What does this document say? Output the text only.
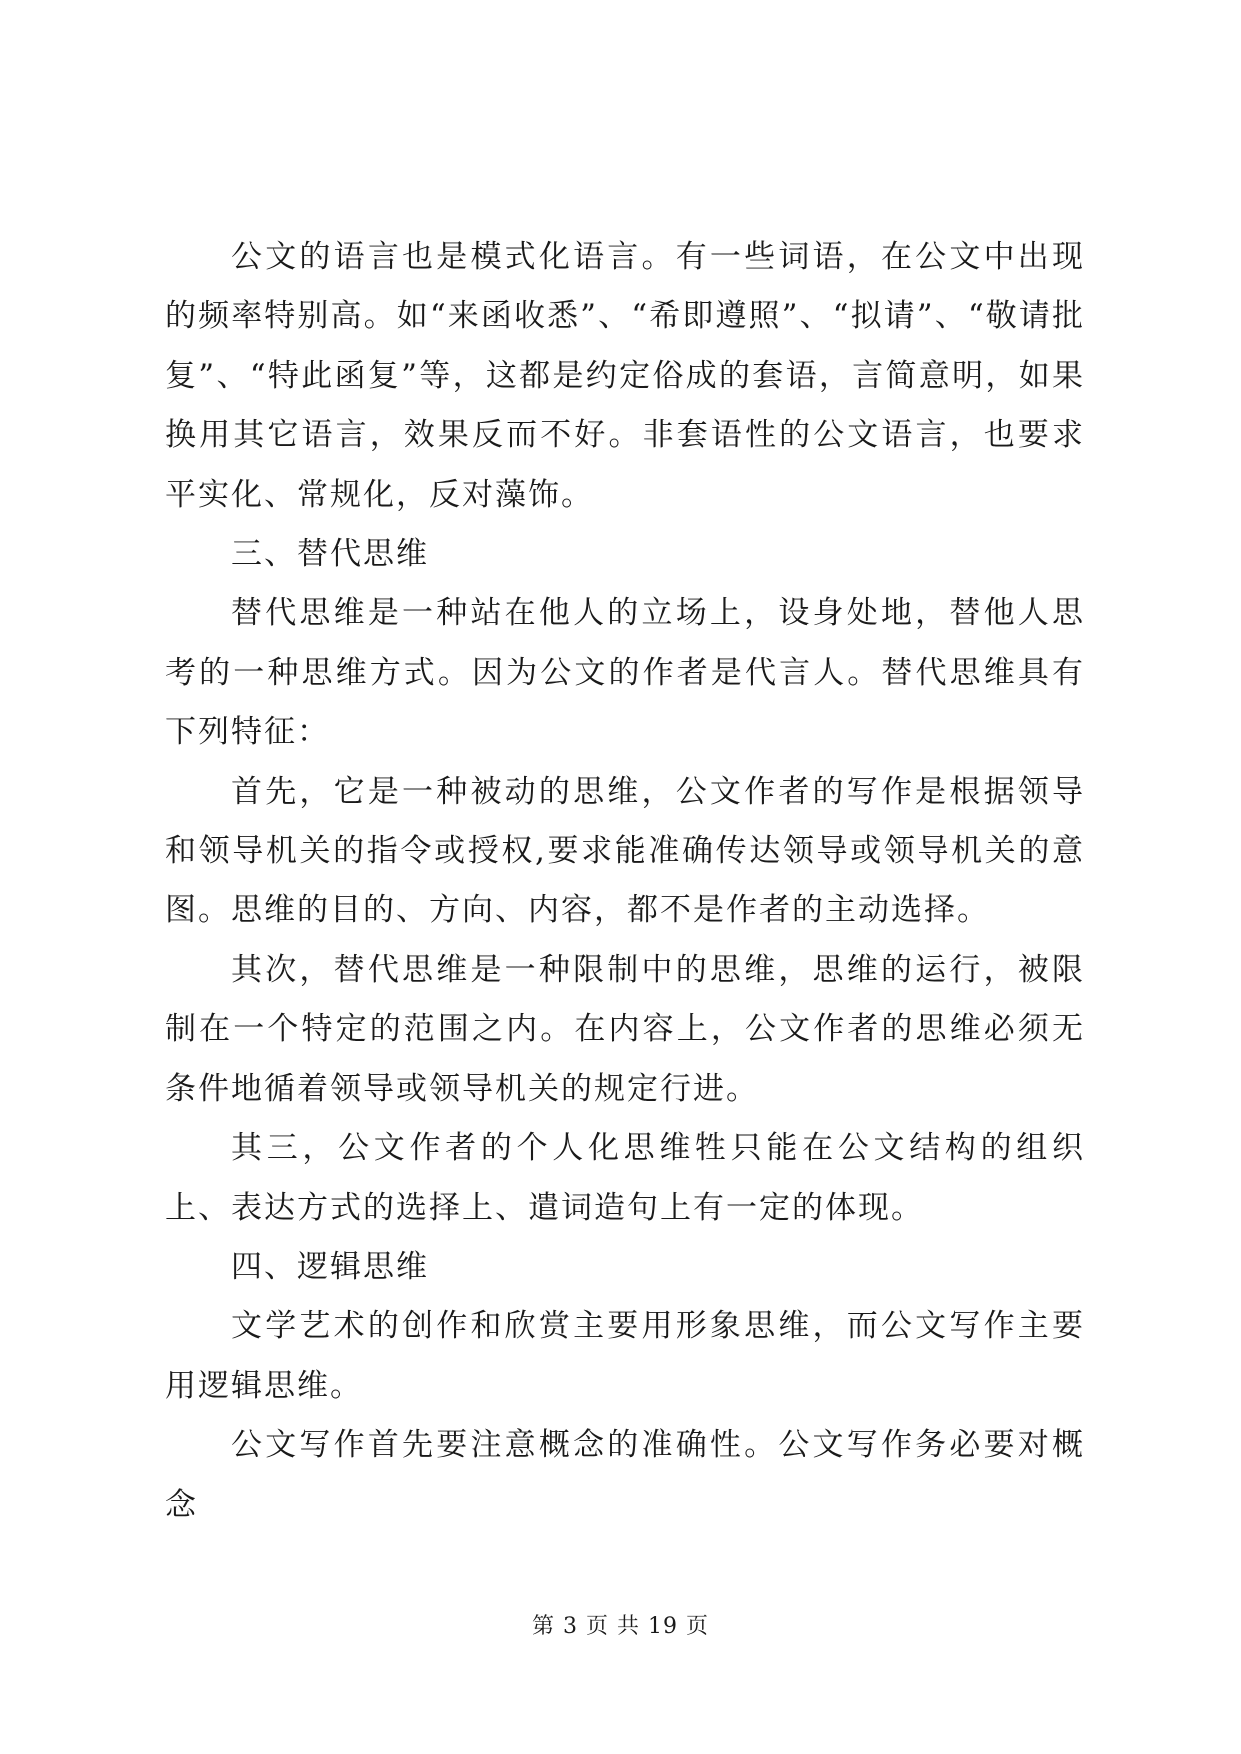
公文的语言也是模式化语言。有一些词语，在公文中出现的频率特别高。如“来函收悉”、“希即遵照”、“拟请”、“敬请批复”、“特此函复”等，这都是约定俗成的套语，言简意明，如果换用其它语言，效果反而不好。非套语性的公文语言，也要求平实化、常规化，反对藻饰。

三、替代思维

替代思维是一种站在他人的立场上，设身处地，替他人思考的一种思维方式。因为公文的作者是代言人。替代思维具有下列特征：

首先，它是一种被动的思维，公文作者的写作是根据领导和领导机关的指令或授权,要求能准确传达领导或领导机关的意图。思维的目的、方向、内容，都不是作者的主动选择。

其次，替代思维是一种限制中的思维，思维的运行，被限制在一个特定的范围之内。在内容上，公文作者的思维必须无条件地循着领导或领导机关的规定行进。

其三，公文作者的个人化思维牲只能在公文结构的组织上、表达方式的选择上、遣词造句上有一定的体现。

四、逻辑思维

文学艺术的创作和欣赏主要用形象思维，而公文写作主要用逻辑思维。

公文写作首先要注意概念的准确性。公文写作务必要对概念

第 3 页 共 19 页
